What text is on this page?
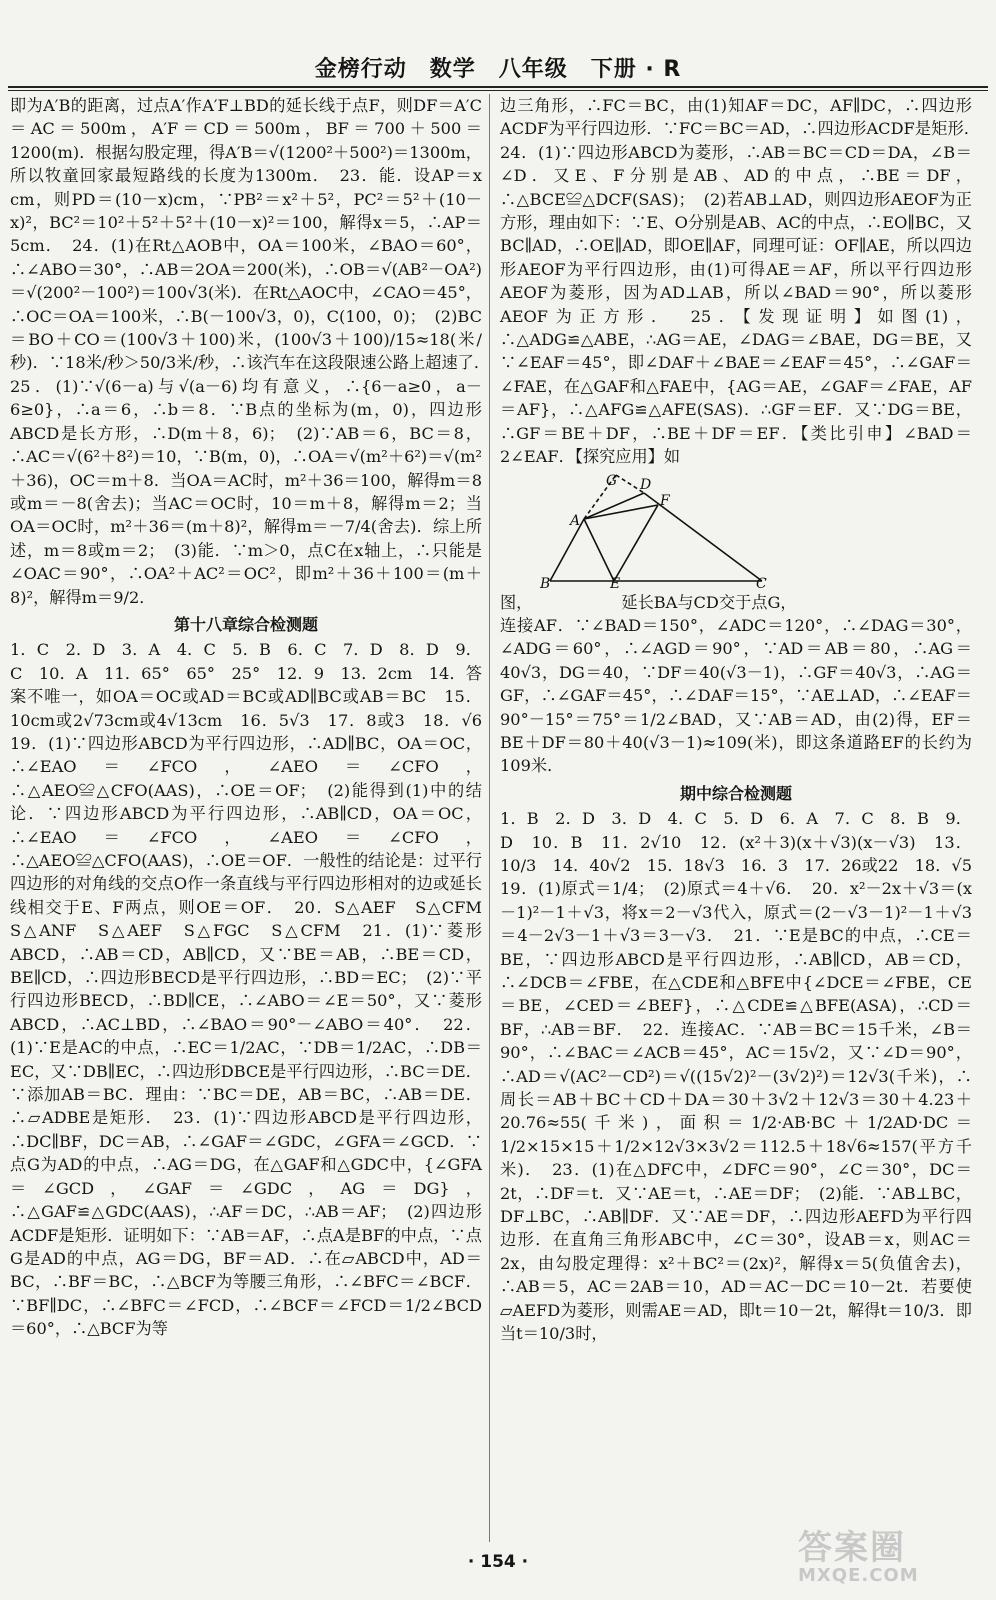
金榜行动　数学　八年级　下册 · R

即为A′B的距离，过点A′作A′F⊥BD的延长线于点F，则DF＝A′C＝AC＝500m，A′F＝CD＝500m，BF＝700＋500＝1200(m)．根据勾股定理，得A′B＝√(1200²＋500²)＝1300m，所以牧童回家最短路线的长度为1300m．　23．能．设AP＝x cm，则PD＝(10－x)cm，∵PB²＝x²＋5²，PC²＝5²＋(10－x)²，BC²＝10²＋5²＋5²＋(10－x)²＝100，解得x＝5，∴AP＝5cm．　24．(1)在Rt△AOB中，OA＝100米，∠BAO＝60°，∴∠ABO＝30°，∴AB＝2OA＝200(米)，∴OB＝√(AB²－OA²)＝√(200²－100²)＝100√3(米)．在Rt△AOC中，∠CAO＝45°，∴OC＝OA＝100米，∴B(－100√3，0)，C(100，0)；　(2)BC＝BO＋CO＝(100√3＋100)米，(100√3＋100)/15≈18(米/秒)．∵18米/秒＞50/3米/秒，∴该汽车在这段限速公路上超速了．　25．(1)∵√(6－a)与√(a－6)均有意义，∴{6－a≥0，a－6≥0}，∴a＝6，∴b＝8．∵B点的坐标为(m，0)，四边形ABCD是长方形，∴D(m＋8，6)；　(2)∵AB＝6，BC＝8，∴AC＝√(6²＋8²)＝10，∵B(m，0)，∴OA＝√(m²＋6²)＝√(m²＋36)，OC＝m＋8．当OA＝AC时，m²＋36＝100，解得m＝8或m＝－8(舍去)；当AC＝OC时，10＝m＋8，解得m＝2；当OA＝OC时，m²＋36＝(m＋8)²，解得m＝－7/4(舍去)．综上所述，m＝8或m＝2；　(3)能．∵m＞0，点C在x轴上，∴只能是∠OAC＝90°，∴OA²＋AC²＝OC²，即m²＋36＋100＝(m＋8)²，解得m＝9/2．

第十八章综合检测题

1．C　2．D　3．A　4．C　5．B　6．C　7．D　8．D　9．C　10．A　11．65°　65°　25°　12．9　13．2cm　14．答案不唯一，如OA＝OC或AD＝BC或AD∥BC或AB＝BC　15．10cm或2√73cm或4√13cm　16．5√3　17．8或3　18．√6　19．(1)∵四边形ABCD为平行四边形，∴AD∥BC，OA＝OC，∴∠EAO＝∠FCO，∠AEO＝∠CFO，∴△AEO≌△CFO(AAS)，∴OE＝OF；　(2)能得到(1)中的结论．∵四边形ABCD为平行四边形，∴AB∥CD，OA＝OC，∴∠EAO＝∠FCO，∠AEO＝∠CFO，∴△AEO≌△CFO(AAS)，∴OE＝OF．一般性的结论是：过平行四边形的对角线的交点O作一条直线与平行四边形相对的边或延长线相交于E、F两点，则OE＝OF．　20．S△AEF　S△CFM　S△ANF　S△AEF　S△FGC　S△CFM　21．(1)∵菱形ABCD，∴AB＝CD，AB∥CD，又∵BE＝AB，∴BE＝CD，BE∥CD，∴四边形BECD是平行四边形，∴BD＝EC；　(2)∵平行四边形BECD，∴BD∥CE，∴∠ABO＝∠E＝50°，又∵菱形ABCD，∴AC⊥BD，∴∠BAO＝90°－∠ABO＝40°．　22．(1)∵E是AC的中点，∴EC＝1/2AC，∵DB＝1/2AC，∴DB＝EC，又∵DB∥EC，∴四边形DBCE是平行四边形，∴BC＝DE．∵添加AB＝BC．理由：∵BC＝DE，AB＝BC，∴AB＝DE．∴▱ADBE是矩形．　23．(1)∵四边形ABCD是平行四边形，∴DC∥BF，DC＝AB，∴∠GAF＝∠GDC，∠GFA＝∠GCD．∵点G为AD的中点，∴AG＝DG，在△GAF和△GDC中，{∠GFA＝∠GCD，∠GAF＝∠GDC，AG＝DG}，∴△GAF≌△GDC(AAS)，∴AF＝DC，∴AB＝AF；　(2)四边形ACDF是矩形．证明如下：∵AB＝AF，∴点A是BF的中点，∵点G是AD的中点，AG＝DG，BF＝AD．∴在▱ABCD中，AD＝BC，∴BF＝BC，∴△BCF为等腰三角形，∴∠BFC＝∠BCF．∵BF∥DC，∴∠BFC＝∠FCD，∴∠BCF＝∠FCD＝1/2∠BCD＝60°，∴△BCF为等

边三角形，∴FC＝BC，由(1)知AF＝DC，AF∥DC，∴四边形ACDF为平行四边形．∵FC＝BC＝AD，∴四边形ACDF是矩形．　24．(1)∵四边形ABCD为菱形，∴AB＝BC＝CD＝DA，∠B＝∠D．又E、F分别是AB、AD的中点，∴BE＝DF，∴△BCE≌△DCF(SAS)；　(2)若AB⊥AD，则四边形AEOF为正方形，理由如下：∵E、O分别是AB、AC的中点，∴EO∥BC，又BC∥AD，∴OE∥AD，即OE∥AF，同理可证：OF∥AE，所以四边形AEOF为平行四边形，由(1)可得AE＝AF，所以平行四边形AEOF为菱形，因为AD⊥AB，所以∠BAD＝90°，所以菱形AEOF为正方形．　25．【发现证明】如图(1)，∴△ADG≌△ABE，∴AG＝AE，∠DAG＝∠BAE，DG＝BE，又∵∠EAF＝45°，即∠DAF＋∠BAE＝∠EAF＝45°，∴∠GAF＝∠FAE，在△GAF和△FAE中，{AG＝AE，∠GAF＝∠FAE，AF＝AF}，∴△AFG≌△AFE(SAS)．∴GF＝EF．又∵DG＝BE，∴GF＝BE＋DF，∴BE＋DF＝EF．【类比引申】∠BAD＝2∠EAF．【探究应用】如

G D
F
A
B	E	C

图，　　　　　　延长BA与CD交于点G，

连接AF．∵∠BAD＝150°，∠ADC＝120°，∴∠DAG＝30°，∠ADG＝60°，∴∠AGD＝90°，∵AD＝AB＝80，∴AG＝40√3，DG＝40，∵DF＝40(√3－1)，∴GF＝40√3，∴AG＝GF，∴∠GAF＝45°，∴∠DAF＝15°，∵AE⊥AD，∴∠EAF＝90°－15°＝75°＝1/2∠BAD，又∵AB＝AD，由(2)得，EF＝BE＋DF＝80＋40(√3－1)≈109(米)，即这条道路EF的长约为109米．

期中综合检测题

1．B　2．D　3．D　4．C　5．D　6．A　7．C　8．B　9．D　10．B　11．2√10　12．(x²＋3)(x＋√3)(x－√3)　13．10/3　14．40√2　15．18√3　16．3　17．26或22　18．√5　19．(1)原式＝1/4；　(2)原式＝4＋√6．　20．x²－2x＋√3＝(x－1)²－1＋√3，将x＝2－√3代入，原式＝(2－√3－1)²－1＋√3＝4－2√3－1＋√3＝3－√3．　21．∵E是BC的中点，∴CE＝BE，∵四边形ABCD是平行四边形，∴AB∥CD，AB＝CD，∴∠DCB＝∠FBE，在△CDE和△BFE中{∠DCE＝∠FBE，CE＝BE，∠CED＝∠BEF}，∴△CDE≌△BFE(ASA)，∴CD＝BF，∴AB＝BF．　22．连接AC．∵AB＝BC＝15千米，∠B＝90°，∴∠BAC＝∠ACB＝45°，AC＝15√2，又∵∠D＝90°，∴AD＝√(AC²－CD²)＝√((15√2)²－(3√2)²)＝12√3(千米)，∴周长＝AB＋BC＋CD＋DA＝30＋3√2＋12√3＝30＋4.23＋20.76≈55(千米)，面积＝1/2·AB·BC＋1/2AD·DC＝1/2×15×15＋1/2×12√3×3√2＝112.5＋18√6≈157(平方千米)．　23．(1)在△DFC中，∠DFC＝90°，∠C＝30°，DC＝2t，∴DF＝t．又∵AE＝t，∴AE＝DF；　(2)能．∵AB⊥BC，DF⊥BC，∴AB∥DF．又∵AE＝DF，∴四边形AEFD为平行四边形．在直角三角形ABC中，∠C＝30°，设AB＝x，则AC＝2x，由勾股定理得：x²＋BC²＝(2x)²，解得x＝5(负值舍去)，∴AB＝5，AC＝2AB＝10，AD＝AC－DC＝10－2t．若要使▱AEFD为菱形，则需AE＝AD，即t＝10－2t，解得t＝10/3．即当t＝10/3时，

· 154 ·	答案圈
MXQE.COM
